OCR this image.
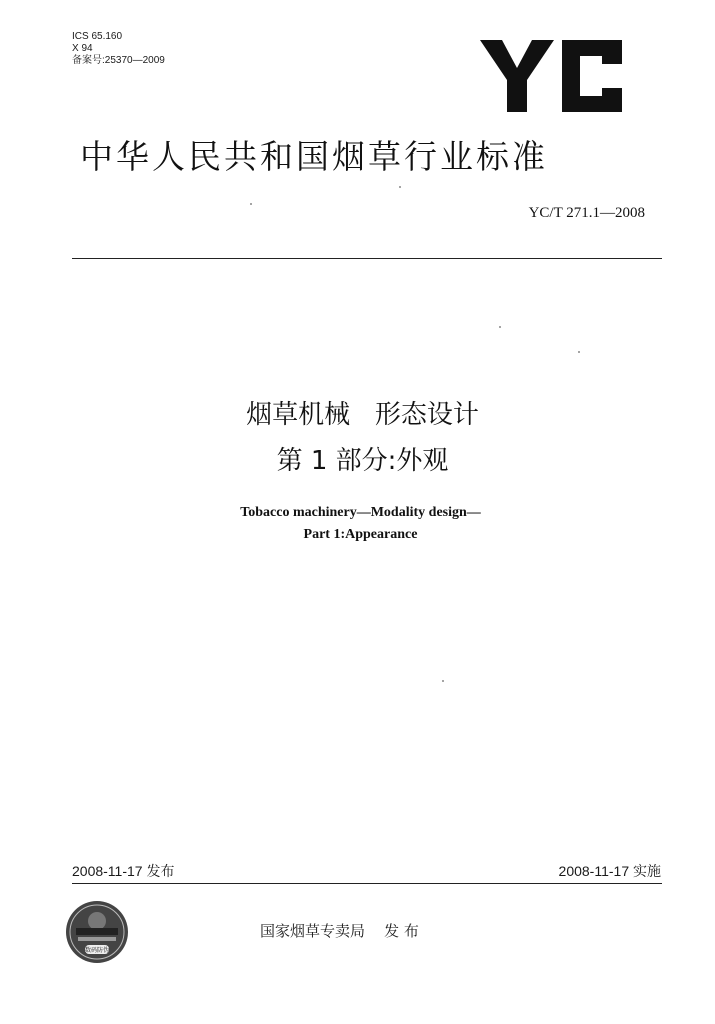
ICS 65.160
X 94
备案号:25370—2009
中华人民共和国烟草行业标准
YC/T 271.1—2008
烟草机械   形态设计
第 1 部分:外观
Tobacco machinery—Modality design—
Part 1:Appearance
2008-11-17 发布	2008-11-17 实施
数码防伪
国家烟草专卖局    发 布
